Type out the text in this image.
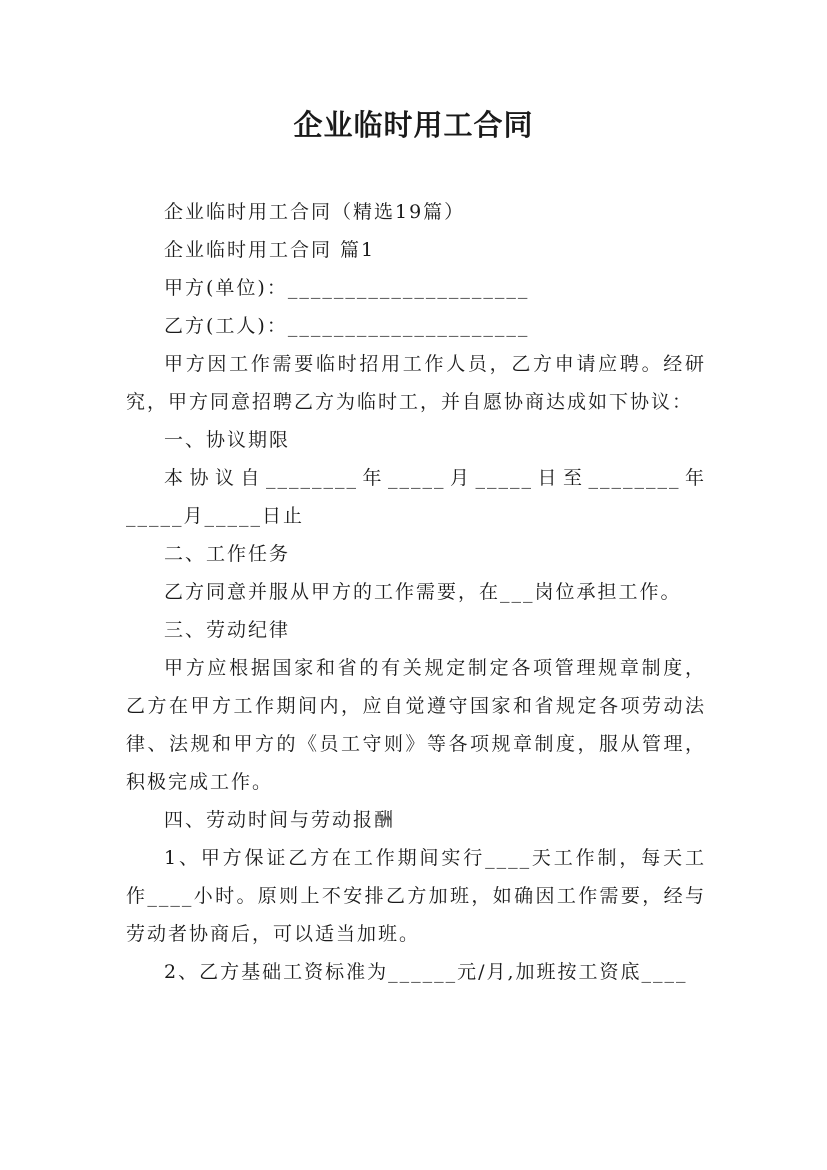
企业临时用工合同

企业临时用工合同（精选19篇）

企业临时用工合同 篇1

甲方(单位)：_____________________

乙方(工人)：_____________________

甲方因工作需要临时招用工作人员，乙方申请应聘。经研究，甲方同意招聘乙方为临时工，并自愿协商达成如下协议：

一、协议期限

本协议自________年_____月_____日至________年_____月_____日止

二、工作任务

乙方同意并服从甲方的工作需要，在___岗位承担工作。

三、劳动纪律

甲方应根据国家和省的有关规定制定各项管理规章制度，乙方在甲方工作期间内，应自觉遵守国家和省规定各项劳动法律、法规和甲方的《员工守则》等各项规章制度，服从管理，积极完成工作。

四、劳动时间与劳动报酬

1、甲方保证乙方在工作期间实行____天工作制，每天工作____小时。原则上不安排乙方加班，如确因工作需要，经与劳动者协商后，可以适当加班。

2、乙方基础工资标准为______元/月,加班按工资底____
